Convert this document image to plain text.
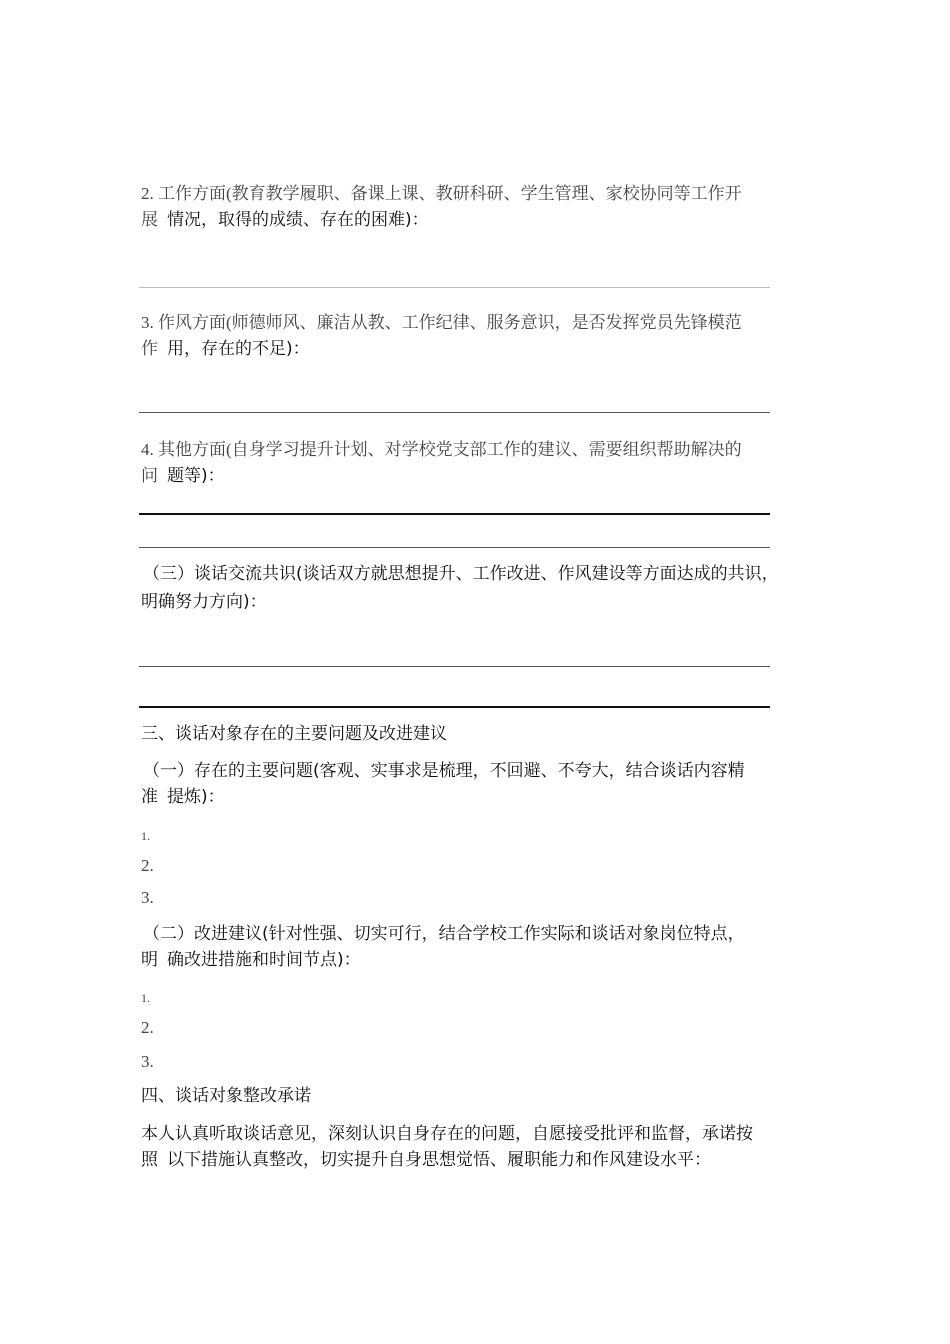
2. 工作方面(教育教学履职、备课上课、教研科研、学生管理、家校协同等工作开
展 情况，取得的成绩、存在的困难)：
3. 作风方面(师德师风、廉洁从教、工作纪律、服务意识，是否发挥党员先锋模范
作 用，存在的不足)：
4. 其他方面(自身学习提升计划、对学校党支部工作的建议、需要组织帮助解决的
问 题等)：
（三）谈话交流共识(谈话双方就思想提升、工作改进、作风建设等方面达成的共识，
明确努力方向)：
三、谈话对象存在的主要问题及改进建议
（一）存在的主要问题(客观、实事求是梳理，不回避、不夸大，结合谈话内容精
准 提炼)：
1.
2.
3.
（二）改进建议(针对性强、切实可行，结合学校工作实际和谈话对象岗位特点，
明 确改进措施和时间节点)：
1.
2.
3.
四、谈话对象整改承诺
本人认真听取谈话意见，深刻认识自身存在的问题，自愿接受批评和监督，承诺按
照 以下措施认真整改，切实提升自身思想觉悟、履职能力和作风建设水平：
